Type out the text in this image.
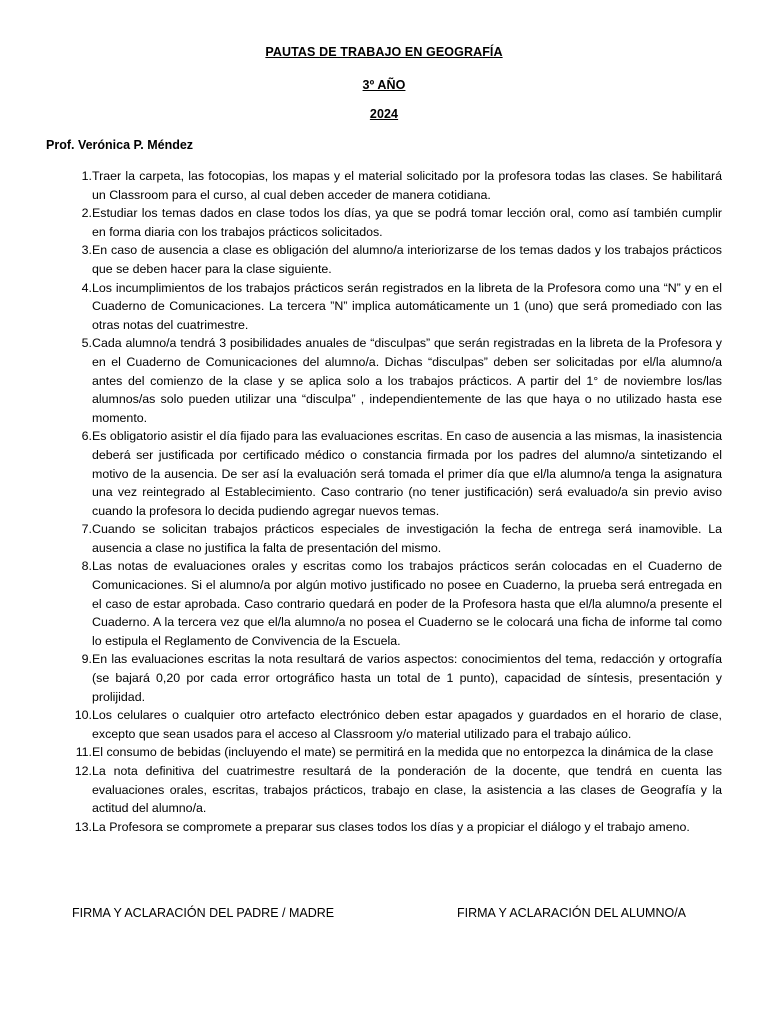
PAUTAS DE TRABAJO EN GEOGRAFÍA
3º AÑO
2024
Prof. Verónica P. Méndez
1. Traer la carpeta, las fotocopias, los mapas y el material solicitado por la profesora todas las clases. Se habilitará un Classroom para el curso, al cual deben acceder de manera cotidiana.
2. Estudiar los temas dados en clase todos los días, ya que se podrá tomar lección oral, como así también cumplir en forma diaria con los trabajos prácticos solicitados.
3. En caso de ausencia a clase es obligación del alumno/a interiorizarse de los temas dados y los trabajos prácticos que se deben hacer para la clase siguiente.
4. Los incumplimientos de los trabajos prácticos serán registrados en la libreta de la Profesora como una “N” y en el Cuaderno de Comunicaciones. La tercera ”N” implica automáticamente un 1 (uno) que será promediado con las otras notas del cuatrimestre.
5. Cada alumno/a tendrá 3 posibilidades anuales de “disculpas” que serán registradas en la libreta de la Profesora y en el Cuaderno de Comunicaciones del alumno/a. Dichas “disculpas” deben ser solicitadas por el/la alumno/a antes del comienzo de la clase y se aplica solo a los trabajos prácticos. A partir del 1° de noviembre los/las alumnos/as solo pueden utilizar una “disculpa” , independientemente de las que haya o no utilizado hasta ese momento.
6. Es obligatorio asistir el día fijado para las evaluaciones escritas. En caso de ausencia a las mismas, la inasistencia deberá ser justificada por certificado médico o constancia firmada por los padres del alumno/a sintetizando el motivo de la ausencia. De ser así la evaluación será tomada el primer día que el/la alumno/a tenga la asignatura una vez reintegrado al Establecimiento. Caso contrario (no tener justificación) será evaluado/a sin previo aviso cuando la profesora lo decida pudiendo agregar nuevos temas.
7. Cuando se solicitan trabajos prácticos especiales de investigación la fecha de entrega será inamovible. La ausencia a clase no justifica la falta de presentación del mismo.
8. Las notas de evaluaciones orales y escritas como los trabajos prácticos serán colocadas en el Cuaderno de Comunicaciones. Si el alumno/a por algún motivo justificado no posee en Cuaderno, la prueba será entregada en el caso de estar aprobada. Caso contrario quedará en poder de la Profesora hasta que el/la alumno/a presente el Cuaderno. A la tercera vez que el/la alumno/a no posea el Cuaderno se le colocará una ficha de informe tal como lo estipula el Reglamento de Convivencia de la Escuela.
9. En las evaluaciones escritas la nota resultará de varios aspectos: conocimientos del tema, redacción y ortografía (se bajará 0,20 por cada error ortográfico hasta un total de 1 punto), capacidad de síntesis, presentación y prolijidad.
10. Los celulares o cualquier otro artefacto electrónico deben estar apagados y guardados en el horario de clase, excepto que sean usados para el acceso al Classroom y/o material utilizado para el trabajo aúlico.
11. El consumo de bebidas (incluyendo el mate) se permitirá en la medida que no entorpezca la dinámica de la clase
12. La nota definitiva del cuatrimestre resultará de la ponderación de la docente, que tendrá en cuenta las evaluaciones orales, escritas, trabajos prácticos, trabajo en clase, la asistencia a las clases de Geografía y la actitud del alumno/a.
13. La Profesora se compromete a preparar sus clases todos los días y a propiciar el diálogo y el trabajo ameno.
FIRMA Y ACLARACIÓN DEL PADRE / MADRE	FIRMA Y ACLARACIÓN DEL ALUMNO/A
